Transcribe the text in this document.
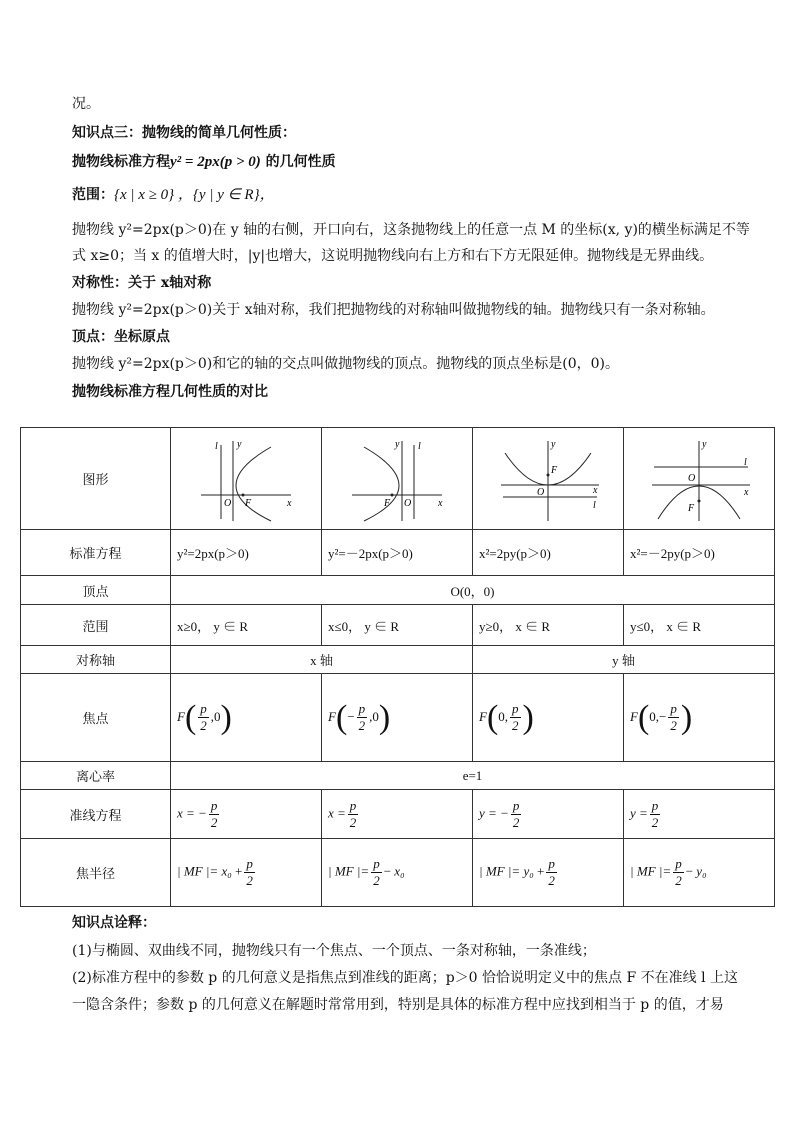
况。
知识点三：抛物线的简单几何性质：
抛物线标准方程y² = 2px(p > 0) 的几何性质
范围：{x | x ≥ 0} ，{y | y ∈ R}，
抛物线 y²=2px(p＞0)在 y 轴的右侧，开口向右，这条抛物线上的任意一点 M 的坐标(x, y)的横坐标满足不等
式 x≥0；当 x 的值增大时，|y|也增大，这说明抛物线向右上方和右下方无限延伸。抛物线是无界曲线。
对称性：关于 x轴对称
抛物线 y²=2px(p＞0)关于 x轴对称，我们把抛物线的对称轴叫做抛物线的轴。抛物线只有一条对称轴。
顶点：坐标原点
抛物线 y²=2px(p＞0)和它的轴的交点叫做抛物线的顶点。抛物线的顶点坐标是(0，0)。
抛物线标准方程几何性质的对比
图形	l y
x
O F	l
y
x
O
F	y
F
O x
l	y
l
O
x
F

标准方程	y²=2px(p＞0)	y²=－2px(p＞0)	x²=2py(p＞0)	x²=－2py(p＞0)
顶点	O(0，0)			
范围	x≥0， y ∈ R	x≤0， y ∈ R	y≥0， x ∈ R	y≤0， x ∈ R
对称轴	x 轴		y 轴	
焦点	$F( \frac{p}{2} ,0)$	$F(- \frac{p}{2} ,0)$	F(0, $\frac{p}{2}$ )	$F(0,- \frac{p}{2}$ )
离心率	e=1			
准线方程	x = − $\frac{p}{2}$	$x = \frac{p}{2}$	y = − $\frac{p}{2}$	$y = \frac{p}{2}$

焦半径	| MF |= $x_0 + \frac{p}{2}$	| MF |= $\frac{p}{2} - x_0$	| MF |= $y_0 + \frac{p}{2}$	| MF |= $\frac{p}{2} - y_0$
知识点诠释：
(1)与椭圆、双曲线不同，抛物线只有一个焦点、一个顶点、一条对称轴，一条准线；
(2)标准方程中的参数 p 的几何意义是指焦点到准线的距离；p＞0 恰恰说明定义中的焦点 F 不在准线 l 上这
一隐含条件；参数 p 的几何意义在解题时常常用到，特别是具体的标准方程中应找到相当于 p 的值，才易
